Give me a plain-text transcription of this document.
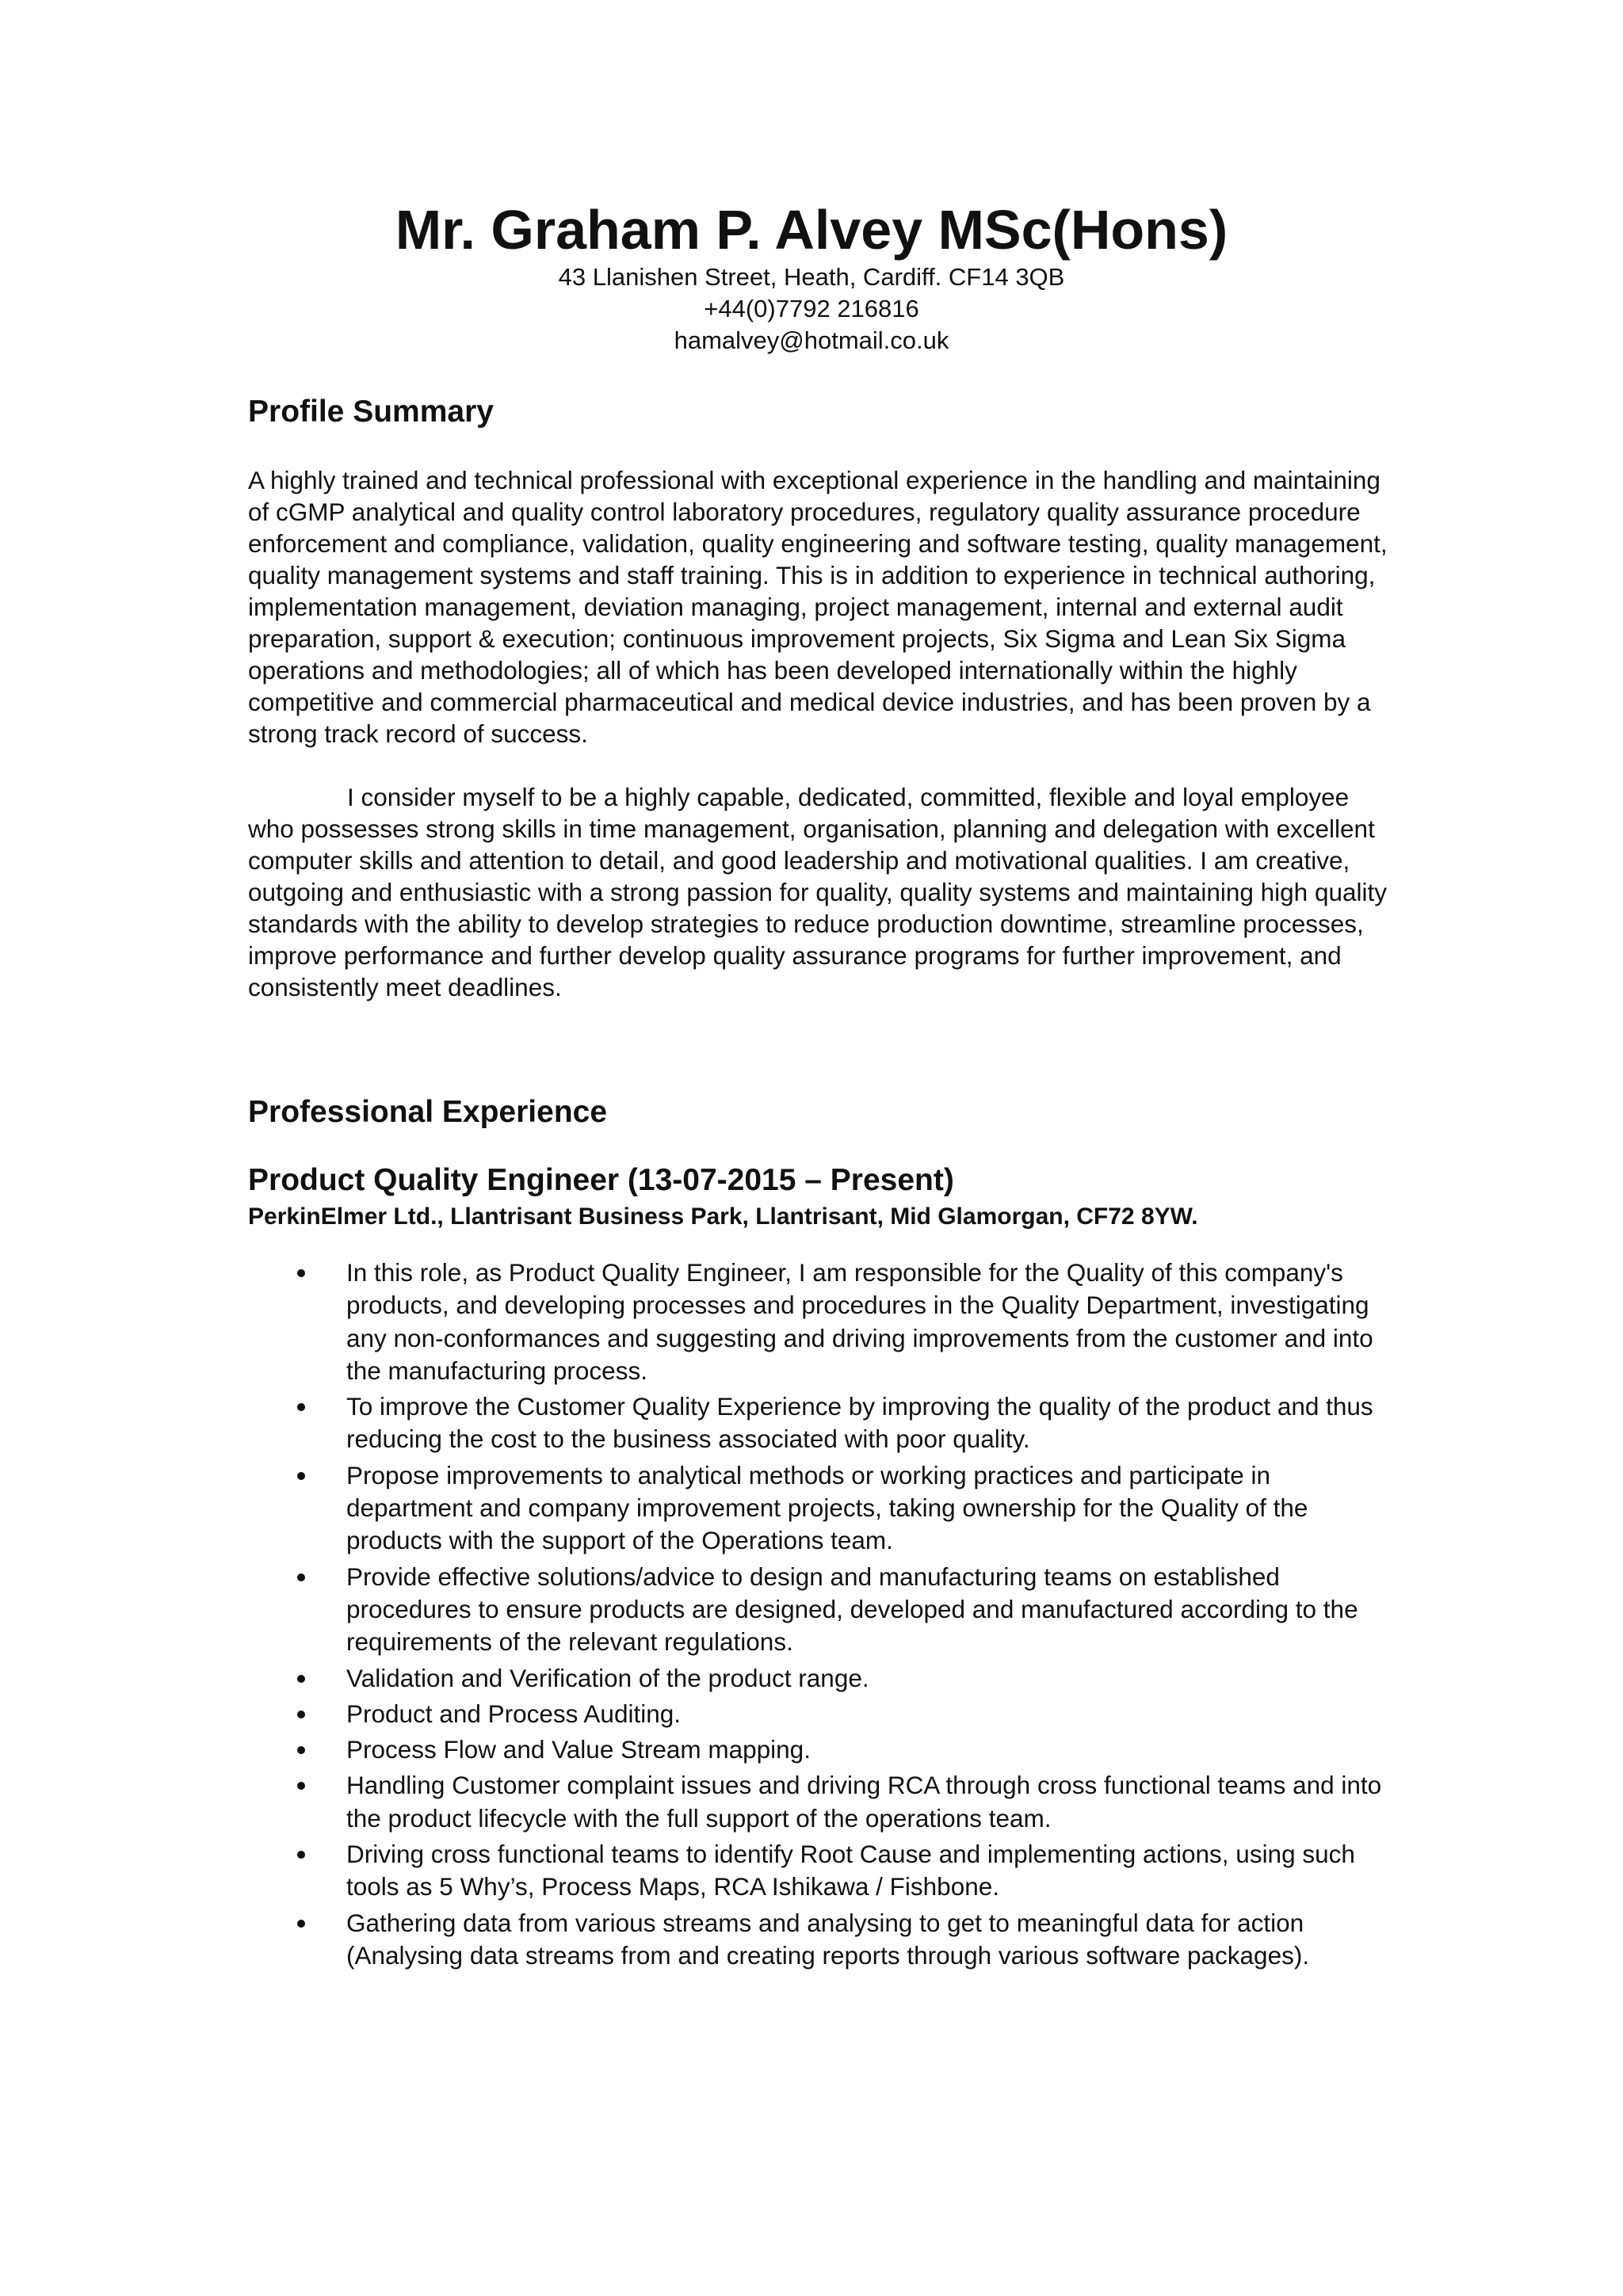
Mr. Graham P. Alvey MSc(Hons)

43 Llanishen Street, Heath, Cardiff. CF14 3QB

+44(0)7792 216816

hamalvey@hotmail.co.uk

Profile Summary

A highly trained and technical professional with exceptional experience in the handling and maintaining of cGMP analytical and quality control laboratory procedures, regulatory quality assurance procedure enforcement and compliance, validation, quality engineering and software testing, quality management, quality management systems and staff training. This is in addition to experience in technical authoring, implementation management, deviation managing, project management, internal and external audit preparation, support & execution; continuous improvement projects, Six Sigma and Lean Six Sigma operations and methodologies; all of which has been developed internationally within the highly competitive and commercial pharmaceutical and medical device industries, and has been proven by a strong track record of success.

I consider myself to be a highly capable, dedicated, committed, flexible and loyal employee who possesses strong skills in time management, organisation, planning and delegation with excellent computer skills and attention to detail, and good leadership and motivational qualities. I am creative, outgoing and enthusiastic with a strong passion for quality, quality systems and maintaining high quality standards with the ability to develop strategies to reduce production downtime, streamline processes, improve performance and further develop quality assurance programs for further improvement, and consistently meet deadlines.

Professional Experience
Product Quality Engineer (13-07-2015 – Present)

PerkinElmer Ltd., Llantrisant Business Park, Llantrisant, Mid Glamorgan, CF72 8YW.

In this role, as Product Quality Engineer, I am responsible for the Quality of this company's products, and developing processes and procedures in the Quality Department, investigating any non-conformances and suggesting and driving improvements from the customer and into the manufacturing process.
To improve the Customer Quality Experience by improving the quality of the product and thus reducing the cost to the business associated with poor quality.
Propose improvements to analytical methods or working practices and participate in department and company improvement projects, taking ownership for the Quality of the products with the support of the Operations team.
Provide effective solutions/advice to design and manufacturing teams on established procedures to ensure products are designed, developed and manufactured according to the requirements of the relevant regulations.
Validation and Verification of the product range.
Product and Process Auditing.
Process Flow and Value Stream mapping.
Handling Customer complaint issues and driving RCA through cross functional teams and into the product lifecycle with the full support of the operations team.
Driving cross functional teams to identify Root Cause and implementing actions, using such tools as 5 Why’s, Process Maps, RCA Ishikawa / Fishbone.
Gathering data from various streams and analysing to get to meaningful data for action (Analysing data streams from and creating reports through various software packages).
